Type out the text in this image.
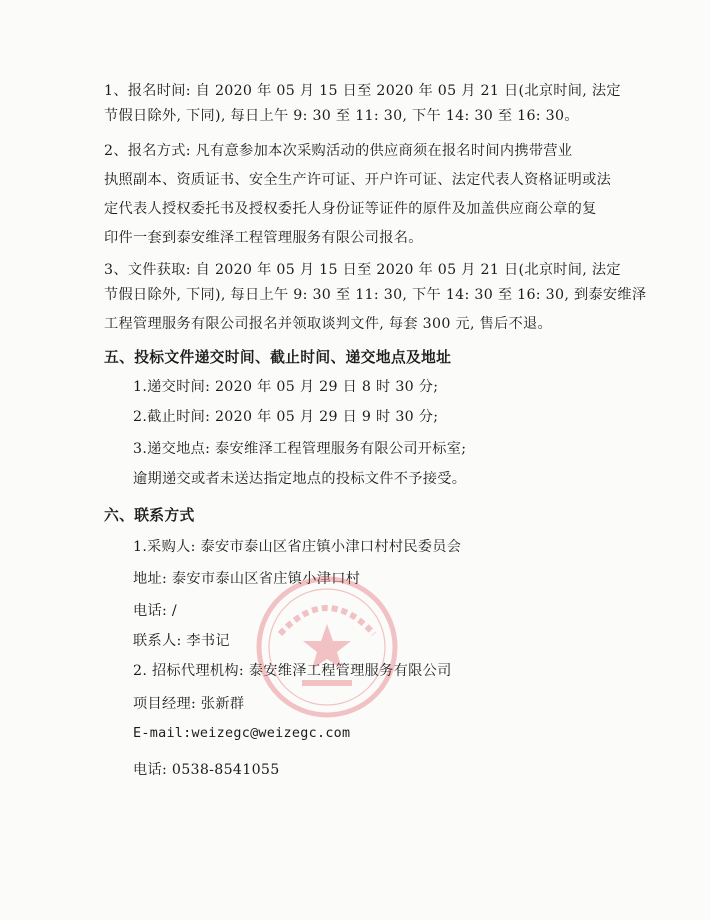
1、报名时间: 自 2020 年 05 月 15 日至 2020 年 05 月 21 日(北京时间, 法定

节假日除外, 下同), 每日上午 9: 30 至 11: 30, 下午 14: 30 至 16: 30。

2、报名方式: 凡有意参加本次采购活动的供应商须在报名时间内携带营业

执照副本、资质证书、安全生产许可证、开户许可证、法定代表人资格证明或法

定代表人授权委托书及授权委托人身份证等证件的原件及加盖供应商公章的复

印件一套到泰安维泽工程管理服务有限公司报名。

3、文件获取: 自 2020 年 05 月 15 日至 2020 年 05 月 21 日(北京时间, 法定

节假日除外, 下同), 每日上午 9: 30 至 11: 30, 下午 14: 30 至 16: 30, 到泰安维泽

工程管理服务有限公司报名并领取谈判文件, 每套 300 元, 售后不退。

五、投标文件递交时间、截止时间、递交地点及地址

1.递交时间: 2020 年 05 月 29 日 8 时 30 分;

2.截止时间: 2020 年 05 月 29 日 9 时 30 分;

3.递交地点: 泰安维泽工程管理服务有限公司开标室;

逾期递交或者未送达指定地点的投标文件不予接受。

六、联系方式

1.采购人: 泰安市泰山区省庄镇小津口村村民委员会

地址: 泰安市泰山区省庄镇小津口村

电话: /

联系人: 李书记

2. 招标代理机构: 泰安维泽工程管理服务有限公司

项目经理: 张新群

E-mail:weizegc@weizegc.com

电话: 0538-8541055
